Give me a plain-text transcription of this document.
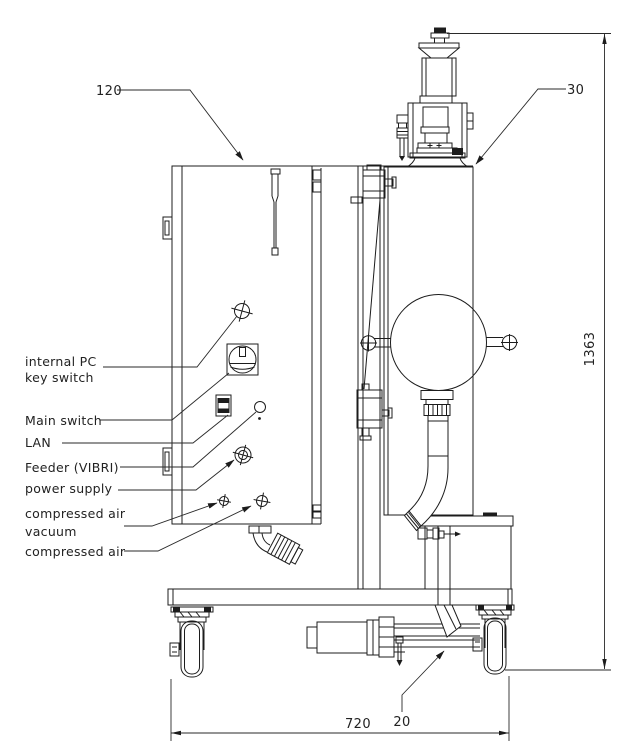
120	30
1363
720 20
internal PC
key switch
Main switch
LAN
Feeder (VIBRI)
power supply
compressed air
vacuum
compressed air
